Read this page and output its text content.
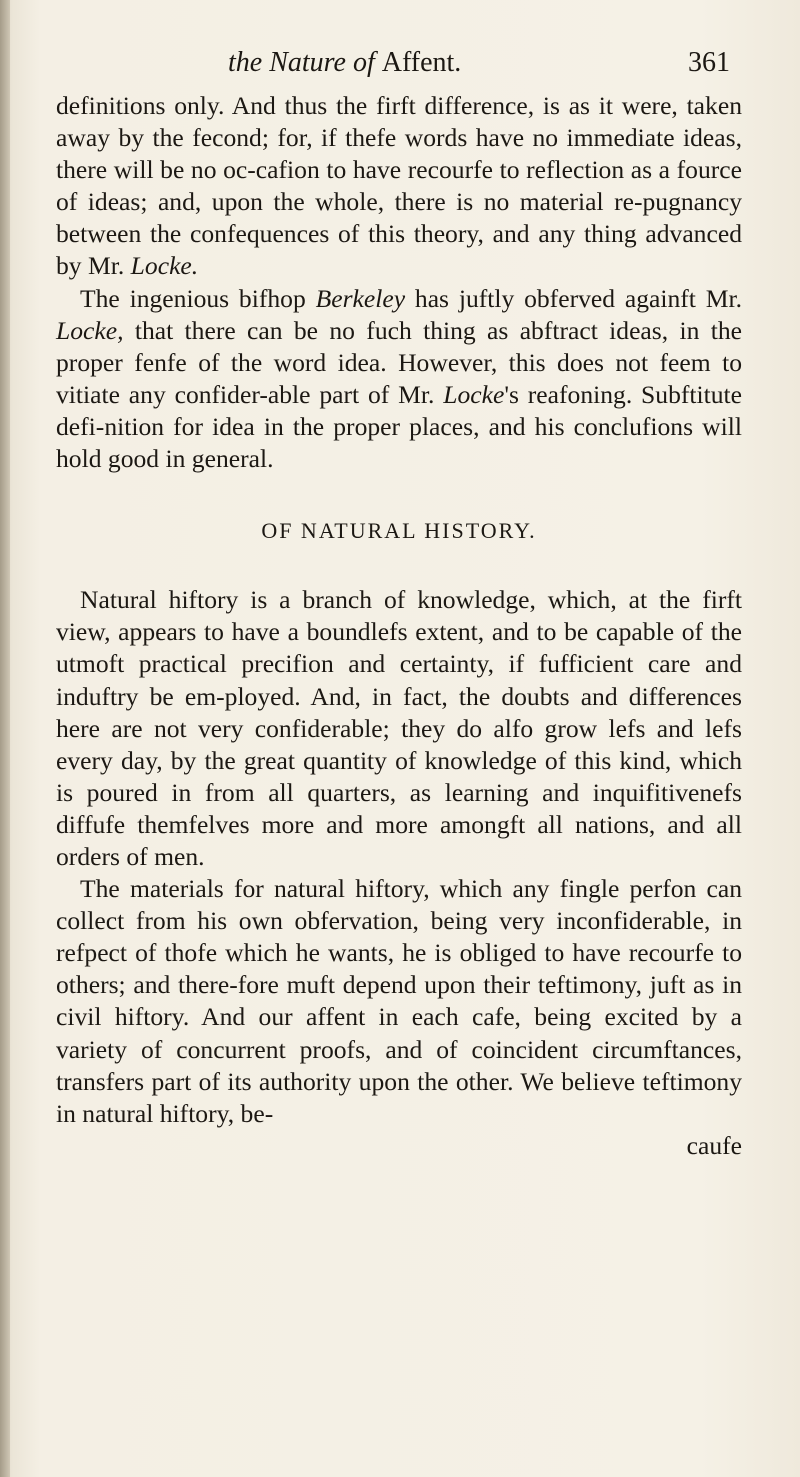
the Nature of Affent.	361

definitions only. And thus the firft difference, is as it were, taken away by the fecond; for, if thefe words have no immediate ideas, there will be no oc-cafion to have recourfe to reflection as a fource of ideas; and, upon the whole, there is no material re-pugnancy between the confequences of this theory, and any thing advanced by Mr. Locke.

The ingenious bifhop Berkeley has juftly obferved againft Mr. Locke, that there can be no fuch thing as abftract ideas, in the proper fenfe of the word idea. However, this does not feem to vitiate any confider-able part of Mr. Locke's reafoning. Subftitute defi-nition for idea in the proper places, and his conclufions will hold good in general.

OF NATURAL HISTORY.

Natural hiftory is a branch of knowledge, which, at the firft view, appears to have a boundlefs extent, and to be capable of the utmoft practical precifion and certainty, if fufficient care and induftry be em-ployed. And, in fact, the doubts and differences here are not very confiderable; they do alfo grow lefs and lefs every day, by the great quantity of knowledge of this kind, which is poured in from all quarters, as learning and inquifitivenefs diffufe themfelves more and more amongft all nations, and all orders of men.

The materials for natural hiftory, which any fingle perfon can collect from his own obfervation, being very inconfiderable, in refpect of thofe which he wants, he is obliged to have recourfe to others; and there-fore muft depend upon their teftimony, juft as in civil hiftory. And our affent in each cafe, being excited by a variety of concurrent proofs, and of coincident circumftances, transfers part of its authority upon the other. We believe teftimony in natural hiftory, be-

caufe
